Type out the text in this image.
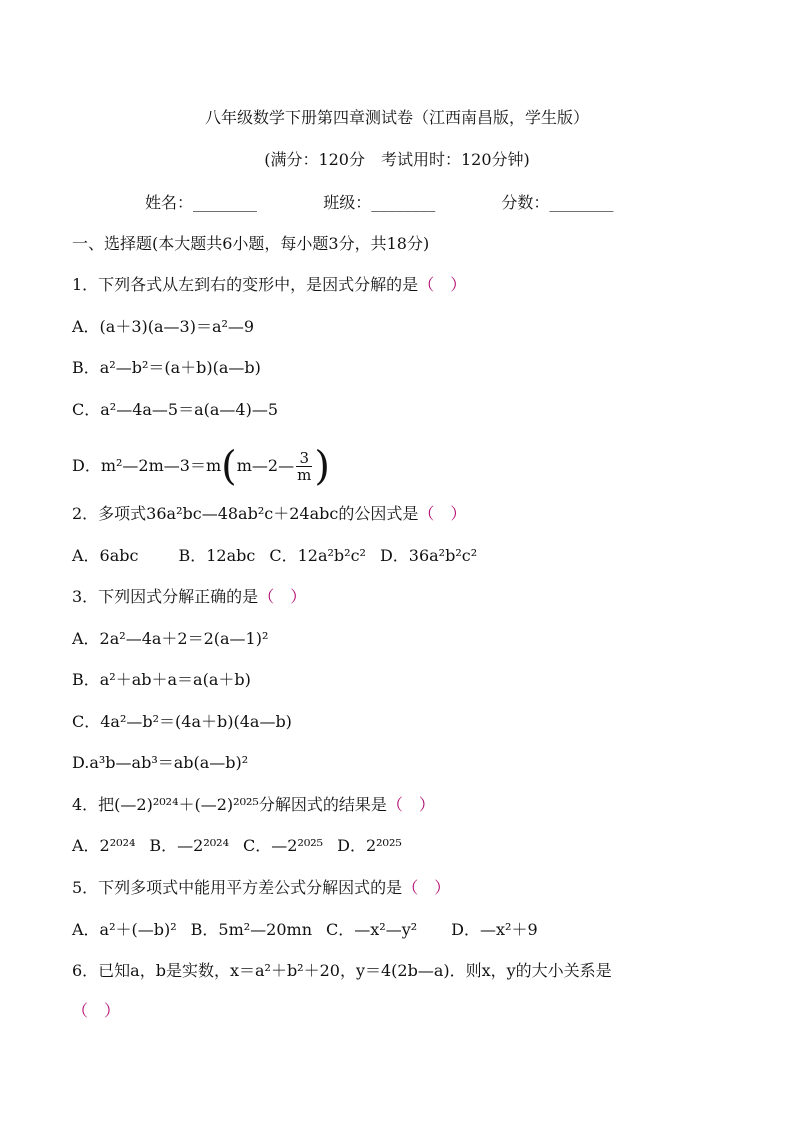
八年级数学下册第四章测试卷（江西南昌版，学生版）
(满分：120分　考试用时：120分钟)
姓名：________	班级：________	分数：________
一、选择题(本大题共6小题，每小题3分，共18分)
1．下列各式从左到右的变形中，是因式分解的是（　）
A．(a＋3)(a—3)＝a²—9
B．a²—b²＝(a＋b)(a—b)
C．a²—4a—5＝a(a—4)—5
D．m²—2m—3＝m(m—2— $\frac{3}{m}$ )
2．多项式36a²bc—48ab²c＋24abc的公因式是（　）
A．6abc	B．12abc C．12a²b²c² D．36a²b²c²
3．下列因式分解正确的是（　）
A．2a²—4a＋2＝2(a—1)²
B．a²＋ab＋a＝a(a＋b)
C．4a²—b²＝(4a＋b)(4a—b)
D.a³b—ab³＝ab(a—b)²
4．把(—2)²⁰²⁴＋(—2)²⁰²⁵分解因式的结果是（　）
A．2²⁰²⁴ B．—2²⁰²⁴ C．—2²⁰²⁵ D．2²⁰²⁵
5．下列多项式中能用平方差公式分解因式的是（　）
A．a²＋(—b)² B．5m²—20mn C．—x²—y² D．—x²＋9
6．已知a，b是实数，x＝a²＋b²＋20，y＝4(2b—a)．则x，y的大小关系是
（　）
